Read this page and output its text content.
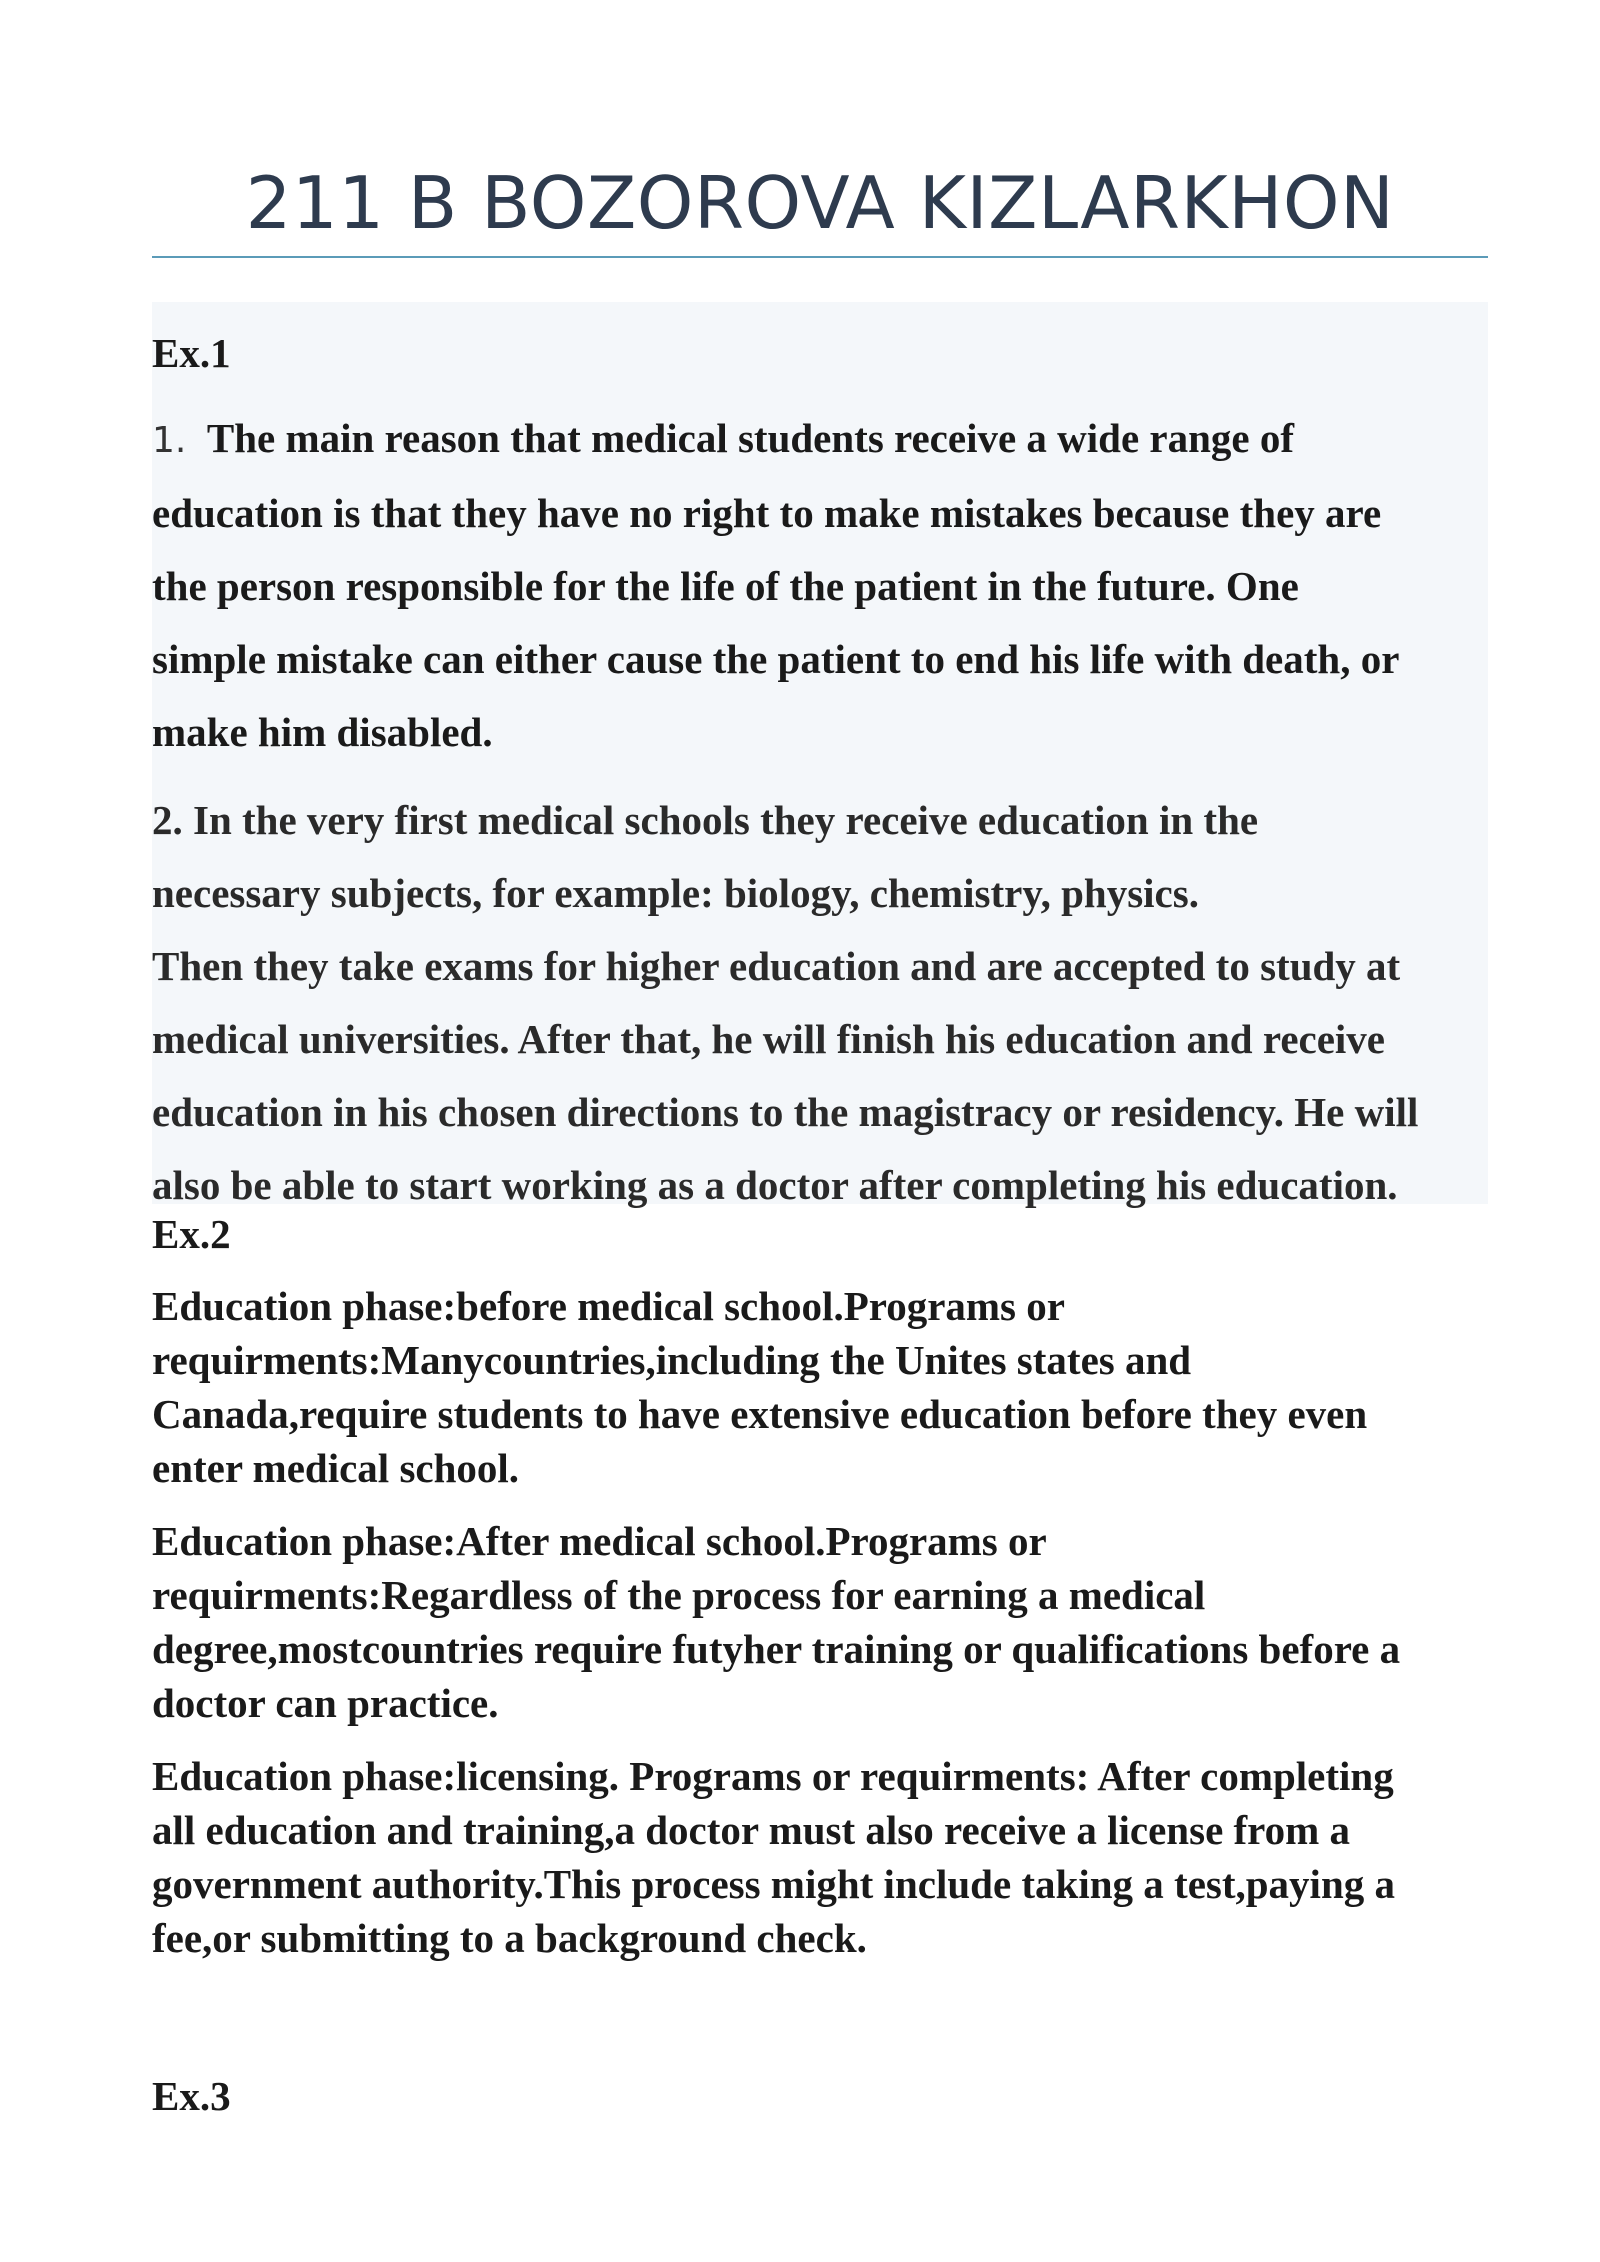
211 B BOZOROVA KIZLARKHON
Ex.1
1. The main reason that medical students receive a wide range of
education is that they have no right to make mistakes because they are
the person responsible for the life of the patient in the future. One
simple mistake can either cause the patient to end his life with death, or
make him disabled.
2. In the very first medical schools they receive education in the
necessary subjects, for example: biology, chemistry, physics.
Then they take exams for higher education and are accepted to study at
medical universities. After that, he will finish his education and receive
education in his chosen directions to the magistracy or residency. He will
also be able to start working as a doctor after completing his education.
Ex.2
Education phase:before medical school.Programs or
requirments:Manycountries,including the Unites states and
Canada,require students to have extensive education before they even
enter medical school.
Education phase:After medical school.Programs or
requirments:Regardless of the process for earning a medical
degree,mostcountries require futyher training or qualifications before a
doctor can practice.
Education phase:licensing. Programs or requirments: After completing
all education and training,a doctor must also receive a license from a
government authority.This process might include taking a test,paying a
fee,or submitting to a background check.
Ex.3
